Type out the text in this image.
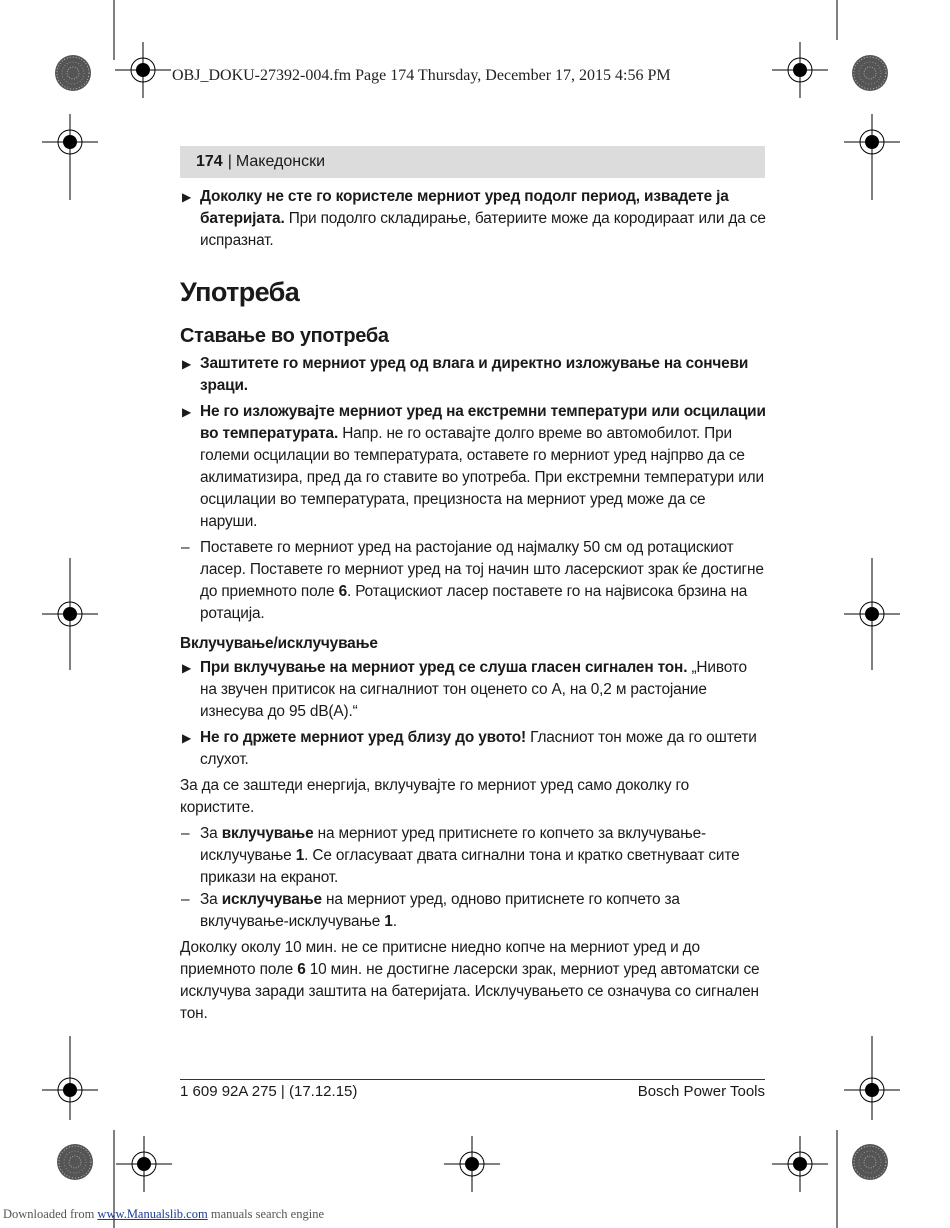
OBJ_DOKU-27392-004.fm Page 174 Thursday, December 17, 2015 4:56 PM
174 | Македонски

▶ Доколку не сте го користеле мерниот уред подолг период, извадете ја батеријата. При подолго складирање, батериите може да кородираат или да се испразнат.

Употреба

Ставање во употреба

▶ Заштитете го мерниот уред од влага и директно изложување на сончеви зраци.

▶ Не го изложувајте мерниот уред на екстремни температури или осцилации во температурата. Напр. не го оставајте долго време во автомобилот. При големи осцилации во температурата, оставете го мерниот уред најпрво да се аклиматизира, пред да го ставите во употреба. При екстремни температури или осцилации во температурата, прецизноста на мерниот уред може да се наруши.

– Поставете го мерниот уред на растојание од најмалку 50 см од ротацискиот ласер. Поставете го мерниот уред на тој начин што ласерскиот зрак ќе достигне до приемното поле 6. Ротацискиот ласер поставете го на највисока брзина на ротација.

Вклучување/исклучување

▶ При вклучување на мерниот уред се слуша гласен сигнален тон. „Нивото на звучен притисок на сигналниот тон оценето со А, на 0,2 м растојание изнесува до 95 dB(A).“

▶ Не го држете мерниот уред близу до увото! Гласниот тон може да го оштети слухот.

За да се заштеди енергија, вклучувајте го мерниот уред само доколку го користите.

– За вклучување на мерниот уред притиснете го копчето за вклучување-исклучување 1. Се огласуваат двата сигнални тона и кратко светнуваат сите прикази на екранот.

– За исклучување на мерниот уред, одново притиснете го копчето за вклучување-исклучување 1.

Доколку околу 10 мин. не се притисне ниедно копче на мерниот уред и до приемното поле 6 10 мин. не достигне ласерски зрак, мерниот уред автоматски се исклучува заради заштита на батеријата. Исклучувањето се означува со сигнален тон.

1 609 92A 275 | (17.12.15)	Bosch Power Tools
Downloaded from www.Manualslib.com manuals search engine
